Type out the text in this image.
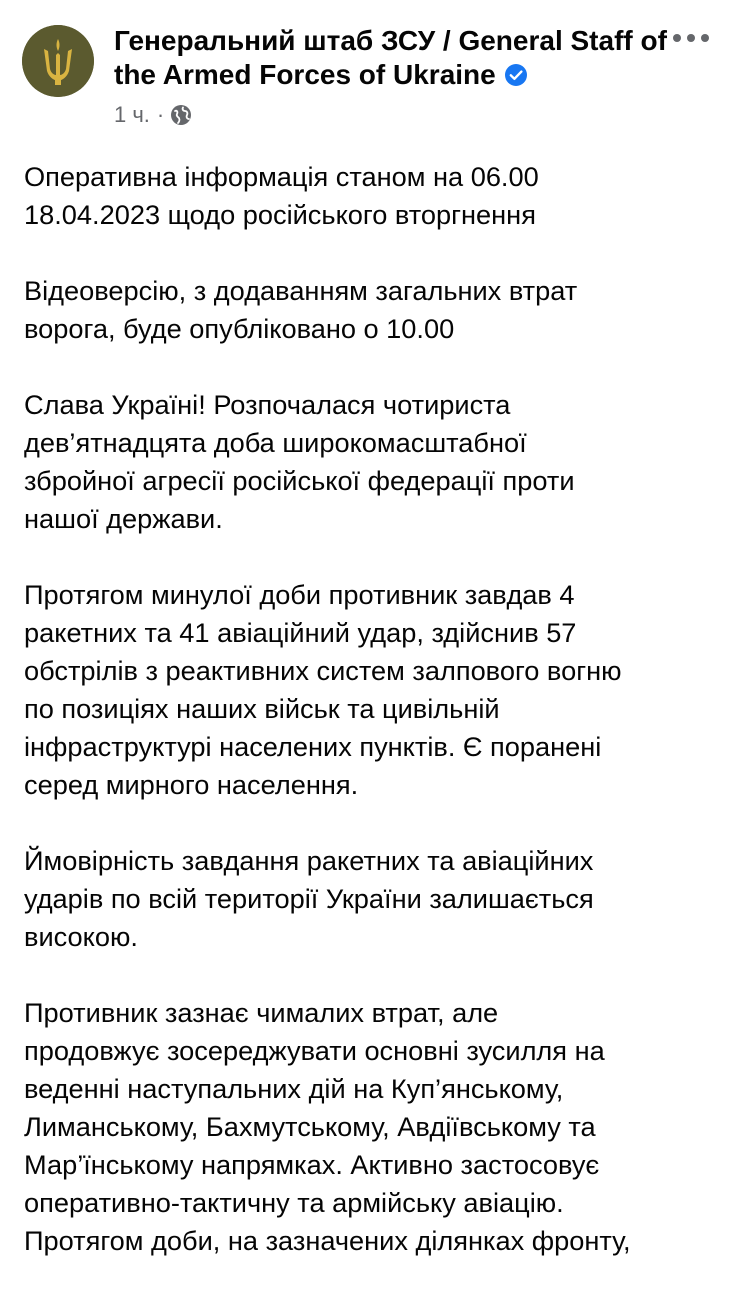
Генеральний штаб ЗСУ / General Staff of the Armed Forces of Ukraine
1 ч. ·

Оперативна інформація станом на 06.00
18.04.2023 щодо російського вторгнення

Відеоверсію, з додаванням загальних втрат
ворога, буде опубліковано о 10.00

Слава Україні! Розпочалася чотириста
дев’ятнадцята доба широкомасштабної
збройної агресії російської федерації проти
нашої держави.

Протягом минулої доби противник завдав 4
ракетних та 41 авіаційний удар, здійснив 57
обстрілів з реактивних систем залпового вогню
по позиціях наших військ та цивільній
інфраструктурі населених пунктів. Є поранені
серед мирного населення.

Ймовірність завдання ракетних та авіаційних
ударів по всій території України залишається
високою.

Противник зазнає чималих втрат, але
продовжує зосереджувати основні зусилля на
веденні наступальних дій на Куп’янському,
Лиманському, Бахмутському, Авдіївському та
Мар’їнському напрямках. Активно застосовує
оперативно-тактичну та армійську авіацію.
Протягом доби, на зазначених ділянках фронту,
